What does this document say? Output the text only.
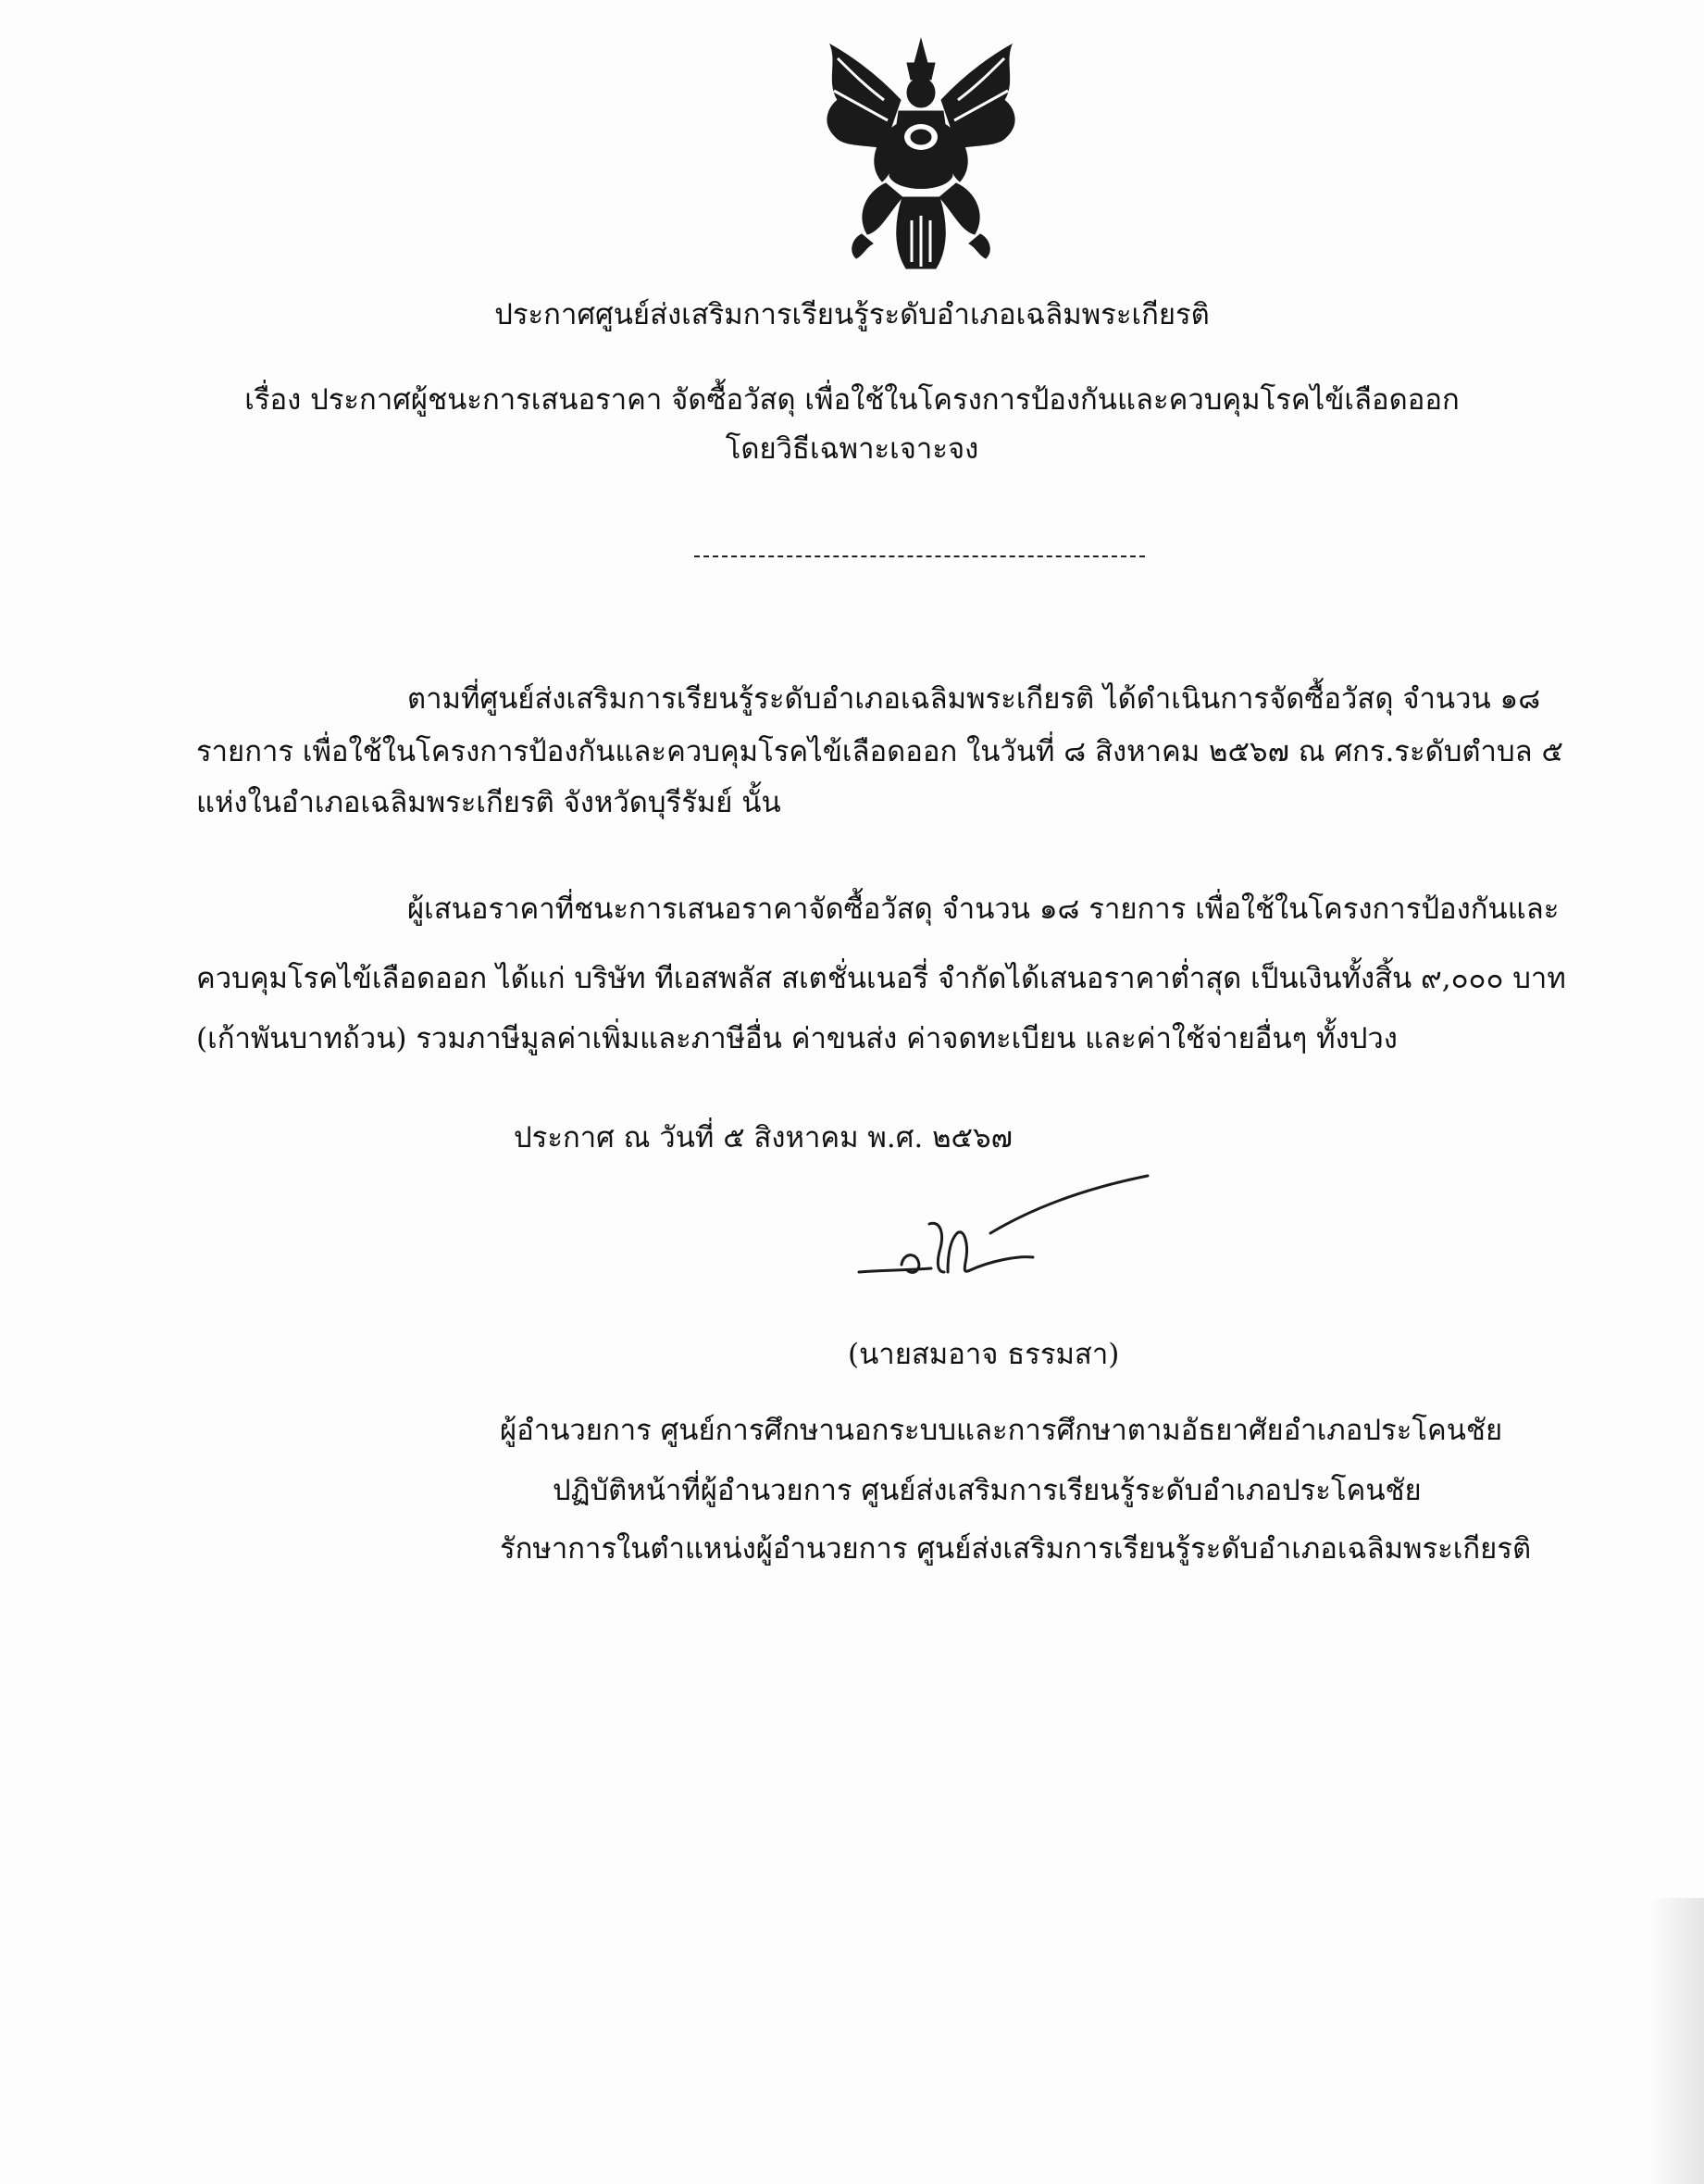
ประกาศศูนย์ส่งเสริมการเรียนรู้ระดับอำเภอเฉลิมพระเกียรติ

เรื่อง ประกาศผู้ชนะการเสนอราคา จัดซื้อวัสดุ เพื่อใช้ในโครงการป้องกันและควบคุมโรคไข้เลือดออก

โดยวิธีเฉพาะเจาะจง

ตามที่ศูนย์ส่งเสริมการเรียนรู้ระดับอำเภอเฉลิมพระเกียรติ ได้ดำเนินการจัดซื้อวัสดุ จำนวน ๑๘

รายการ เพื่อใช้ในโครงการป้องกันและควบคุมโรคไข้เลือดออก ในวันที่ ๘ สิงหาคม ๒๕๖๗ ณ ศกร.ระดับตำบล ๕

แห่งในอำเภอเฉลิมพระเกียรติ จังหวัดบุรีรัมย์ นั้น

ผู้เสนอราคาที่ชนะการเสนอราคาจัดซื้อวัสดุ จำนวน ๑๘ รายการ เพื่อใช้ในโครงการป้องกันและ

ควบคุมโรคไข้เลือดออก ได้แก่ บริษัท ทีเอสพลัส สเตชั่นเนอรี่ จำกัดได้เสนอราคาต่ำสุด เป็นเงินทั้งสิ้น ๙,๐๐๐ บาท

(เก้าพันบาทถ้วน) รวมภาษีมูลค่าเพิ่มและภาษีอื่น ค่าขนส่ง ค่าจดทะเบียน และค่าใช้จ่ายอื่นๆ ทั้งปวง

ประกาศ ณ วันที่ ๕ สิงหาคม พ.ศ. ๒๕๖๗

(นายสมอาจ ธรรมสา)

ผู้อำนวยการ ศูนย์การศึกษานอกระบบและการศึกษาตามอัธยาศัยอำเภอประโคนชัย

ปฏิบัติหน้าที่ผู้อำนวยการ ศูนย์ส่งเสริมการเรียนรู้ระดับอำเภอประโคนชัย

รักษาการในตำแหน่งผู้อำนวยการ ศูนย์ส่งเสริมการเรียนรู้ระดับอำเภอเฉลิมพระเกียรติ
